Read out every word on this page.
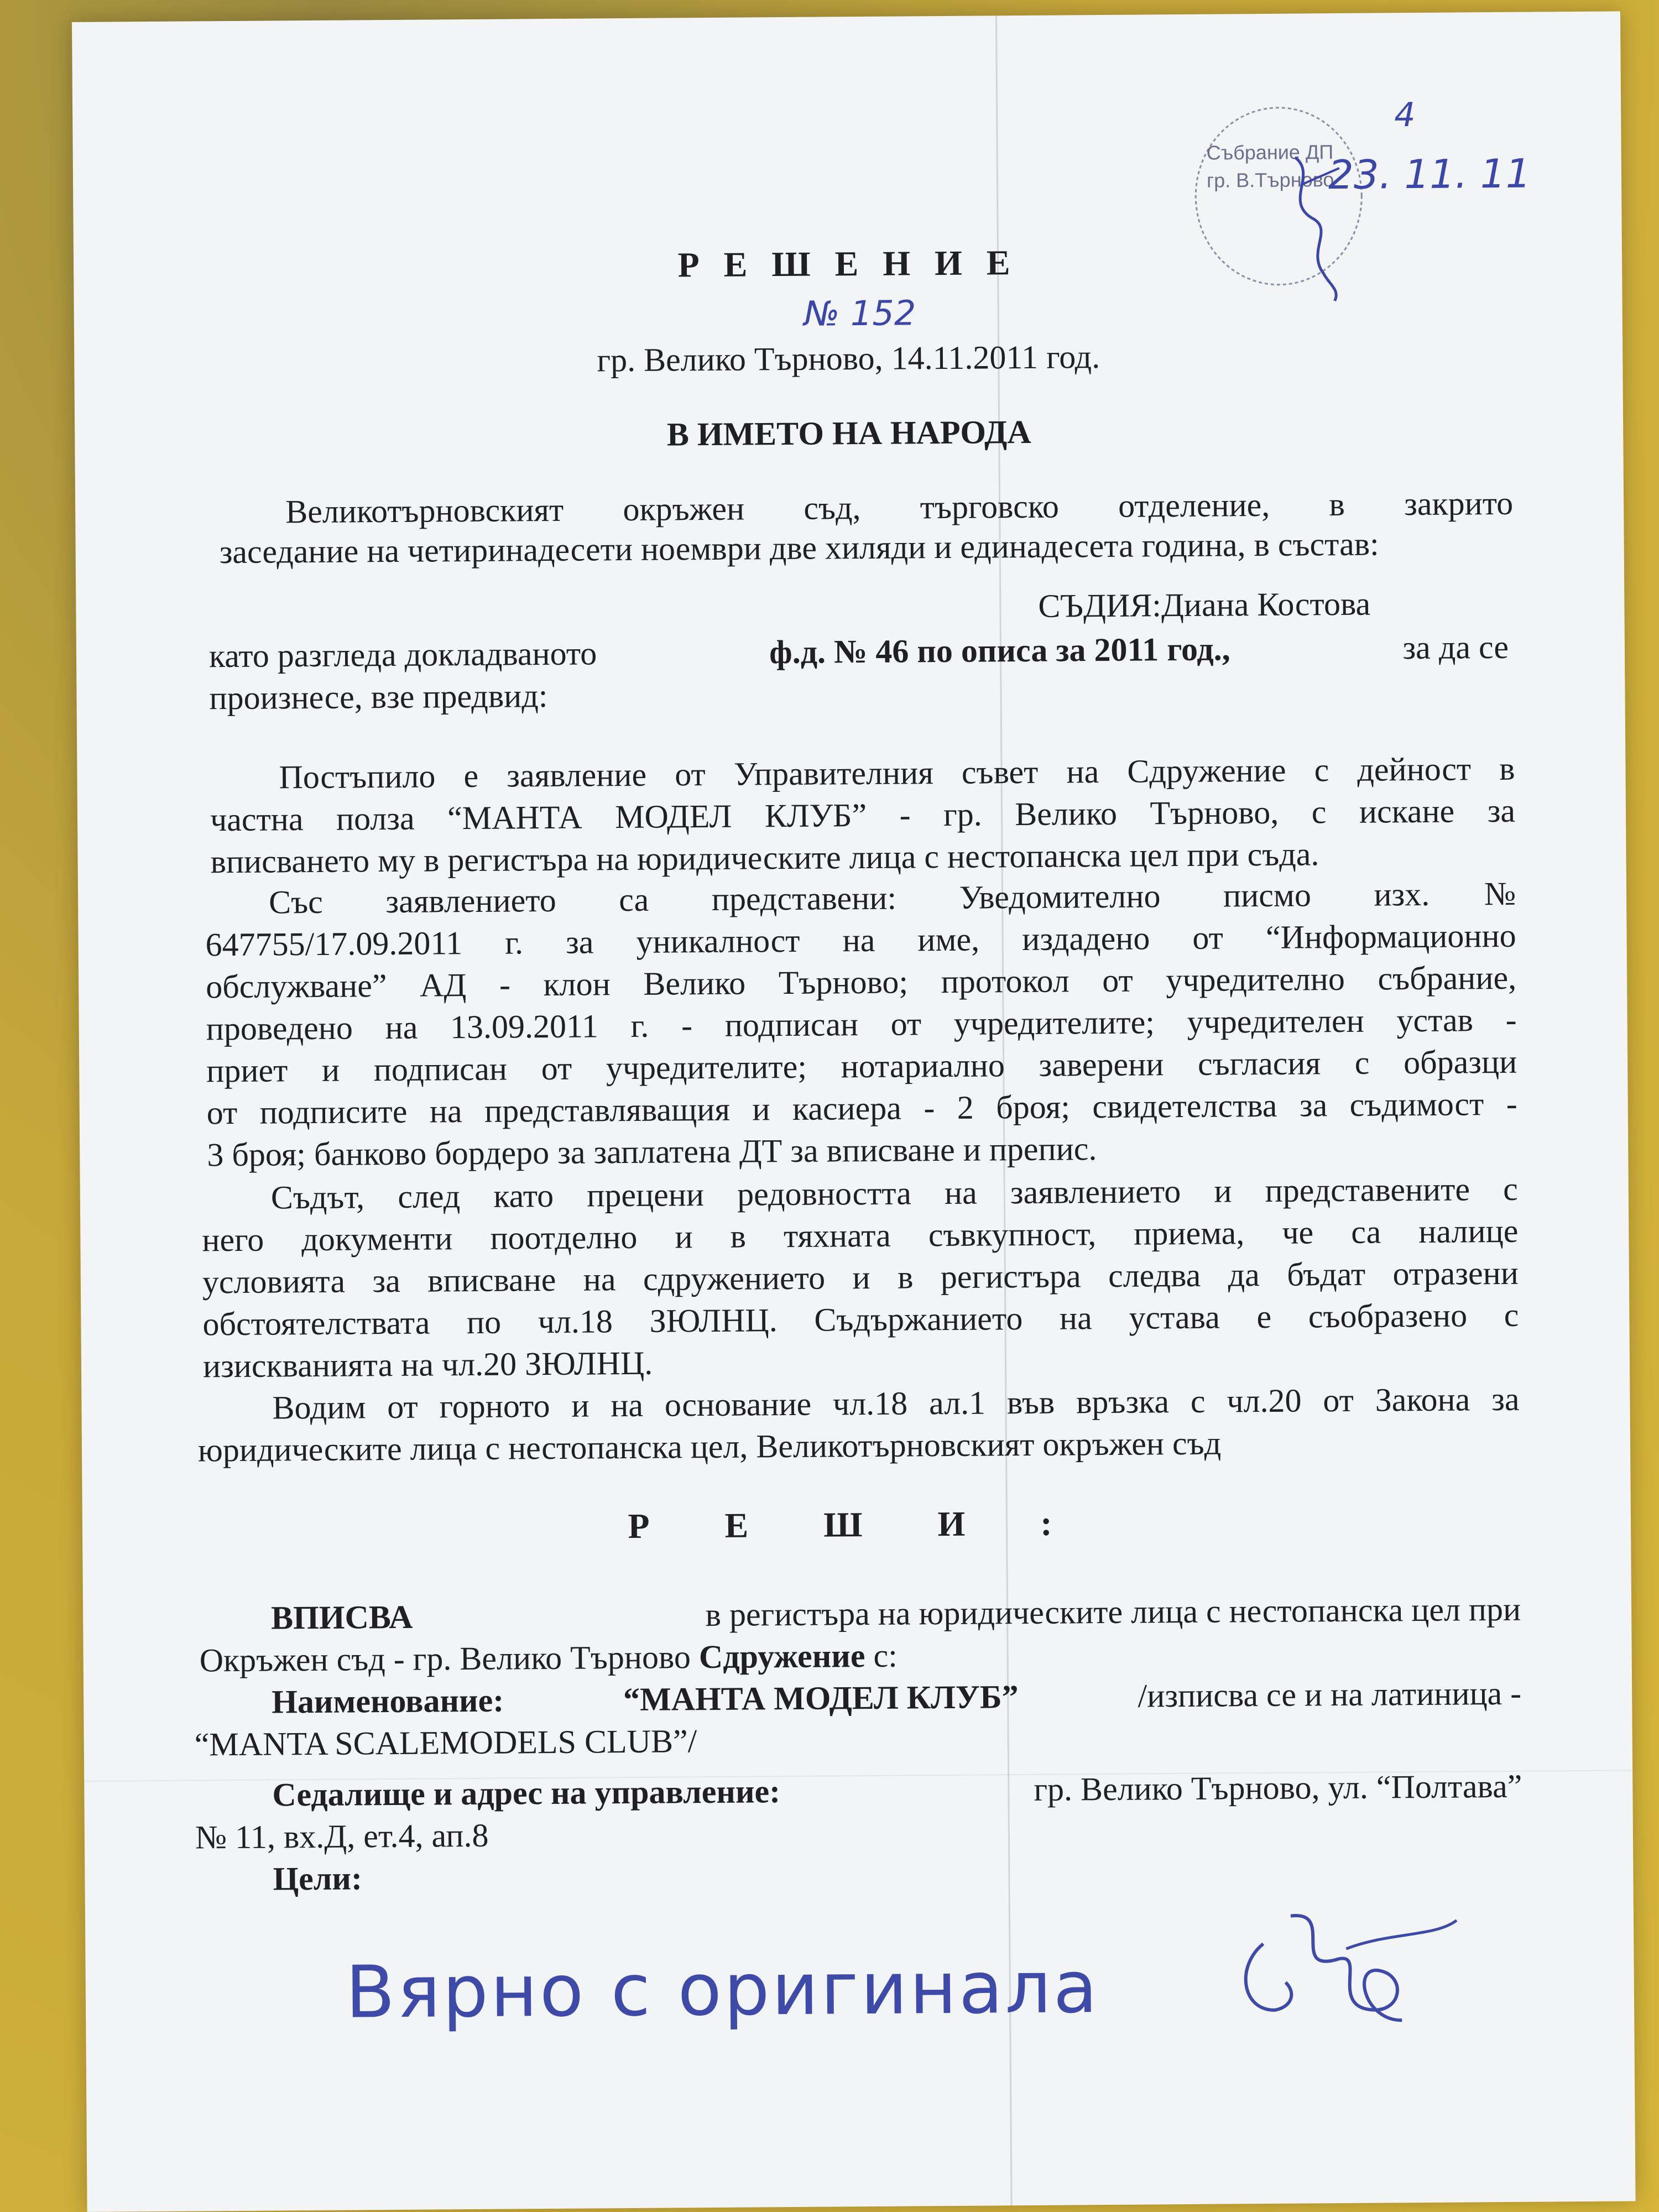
Събрание ДП
гр. В.Търново
4
23. 11. 11
Р Е Ш Е Н И Е
№ 152
гр. Велико Търново, 14.11.2011 год.
В ИМЕТО НА НАРОДА
Великотърновският окръжен съд, търговско отделение, в закрито
заседание на четиринадесети ноември две хиляди и единадесета година, в състав:
СЪДИЯ:Диана Костова
като разгледа докладваното	ф.д. № 46 по описа за 2011 год.,	за да се
произнесе, взе предвид:
Постъпило е заявление от Управителния съвет на Сдружение с дейност в
частна полза “МАНТА МОДЕЛ КЛУБ” - гр. Велико Търново, с искане за
вписването му в регистъра на юридическите лица с нестопанска цел при съда.
Със заявлението са представени: Уведомително писмо изх.№
647755/17.09.2011 г. за уникалност на име, издадено от “Информационно
обслужване” АД - клон Велико Търново; протокол от учредително събрание,
проведено на 13.09.2011 г. - подписан от учредителите; учредителен устав -
приет и подписан от учредителите; нотариално заверени съгласия с образци
от подписите на представляващия и касиера - 2 броя; свидетелства за съдимост -
3 броя; банково бордеро за заплатена ДТ за вписване и препис.
Съдът, след като прецени редовността на заявлението и представените с
него документи поотделно и в тяхната съвкупност, приема, че са налице
условията за вписване на сдружението и в регистъра следва да бъдат отразени
обстоятелствата по чл.18 ЗЮЛНЦ. Съдържанието на устава е съобразено с
изискванията на чл.20 ЗЮЛНЦ.
Водим от горното и на основание чл.18 ал.1 във връзка с чл.20 от Закона за
юридическите лица с нестопанска цел, Великотърновският окръжен съд
Р Е Ш И :
ВПИСВА	в регистъра на юридическите лица с нестопанска цел при
Окръжен съд - гр. Велико Търново Сдружение с:
Наименование:	“МАНТА МОДЕЛ КЛУБ”	/изписва се и на латиница -
“MANTA SCALEMODELS CLUB”/
Седалище и адрес на управление:	гр. Велико Търново, ул. “Полтава”
№ 11, вх.Д, ет.4, ап.8
Цели:
Вярно с оригинала
